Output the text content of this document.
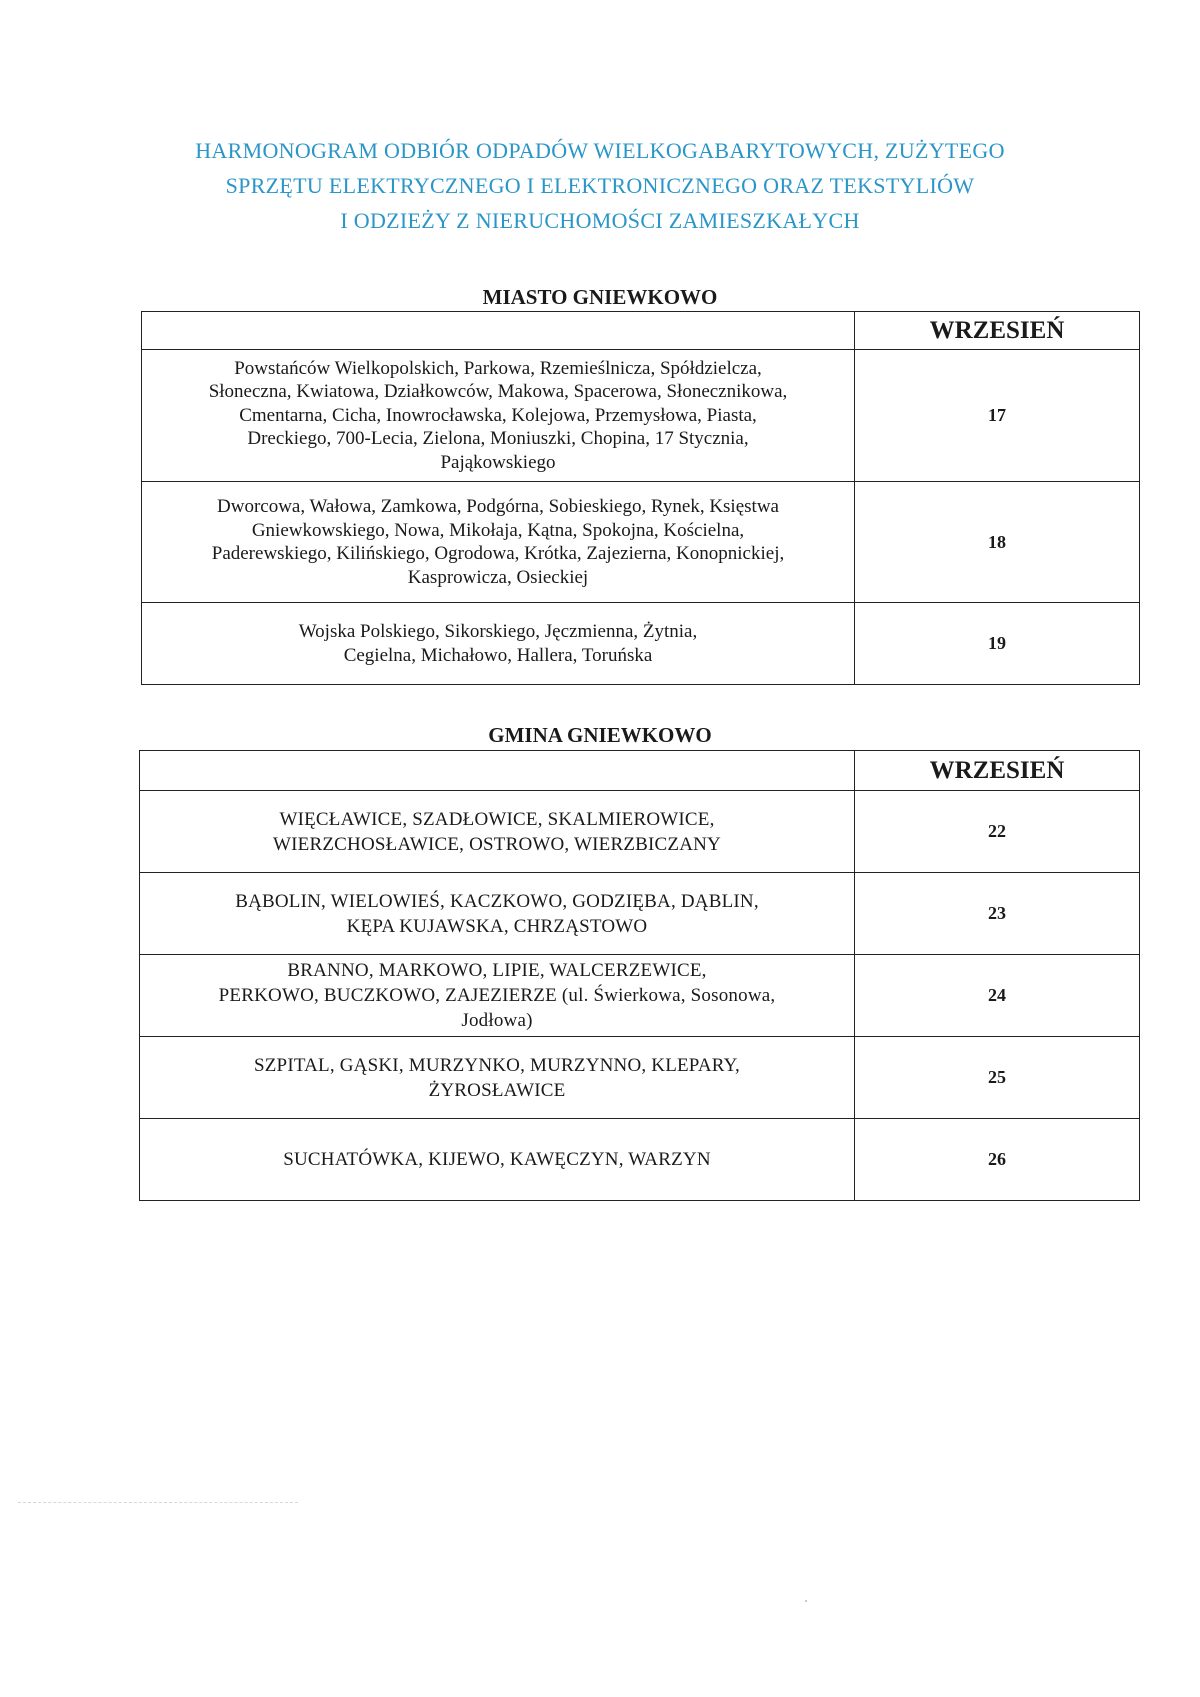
HARMONOGRAM ODBIÓR ODPADÓW WIELKOGABARYTOWYCH, ZUŻYTEGO
SPRZĘTU ELEKTRYCZNEGO I ELEKTRONICZNEGO ORAZ TEKSTYLIÓW
I ODZIEŻY Z NIERUCHOMOŚCI ZAMIESZKAŁYCH
MIASTO GNIEWKOWO
	WRZESIEŃ

Powstańców Wielkopolskich, Parkowa, Rzemieślnicza, Spółdzielcza,
Słoneczna, Kwiatowa, Działkowców, Makowa, Spacerowa, Słonecznikowa,
Cmentarna, Cicha, Inowrocławska, Kolejowa, Przemysłowa, Piasta,
Dreckiego, 700-Lecia, Zielona, Moniuszki, Chopina, 17 Stycznia,
Pająkowskiego	17

Dworcowa, Wałowa, Zamkowa, Podgórna, Sobieskiego, Rynek, Księstwa
Gniewkowskiego, Nowa, Mikołaja, Kątna, Spokojna, Kościelna,
Paderewskiego, Kilińskiego, Ogrodowa, Krótka, Zajezierna, Konopnickiej,
Kasprowicza, Osieckiej	18

Wojska Polskiego, Sikorskiego, Jęczmienna, Żytnia,
Cegielna, Michałowo, Hallera, Toruńska	19
GMINA GNIEWKOWO
	WRZESIEŃ

WIĘCŁAWICE, SZADŁOWICE, SKALMIEROWICE,
WIERZCHOSŁAWICE, OSTROWO, WIERZBICZANY	22

BĄBOLIN, WIELOWIEŚ, KACZKOWO, GODZIĘBA, DĄBLIN,
KĘPA KUJAWSKA, CHRZĄSTOWO	23

BRANNO, MARKOWO, LIPIE, WALCERZEWICE,
PERKOWO, BUCZKOWO, ZAJEZIERZE (ul. Świerkowa, Sosonowa,
Jodłowa)	24

SZPITAL, GĄSKI, MURZYNKO, MURZYNNO, KLEPARY,
ŻYROSŁAWICE	25

SUCHATÓWKA, KIJEWO, KAWĘCZYN, WARZYN	26
